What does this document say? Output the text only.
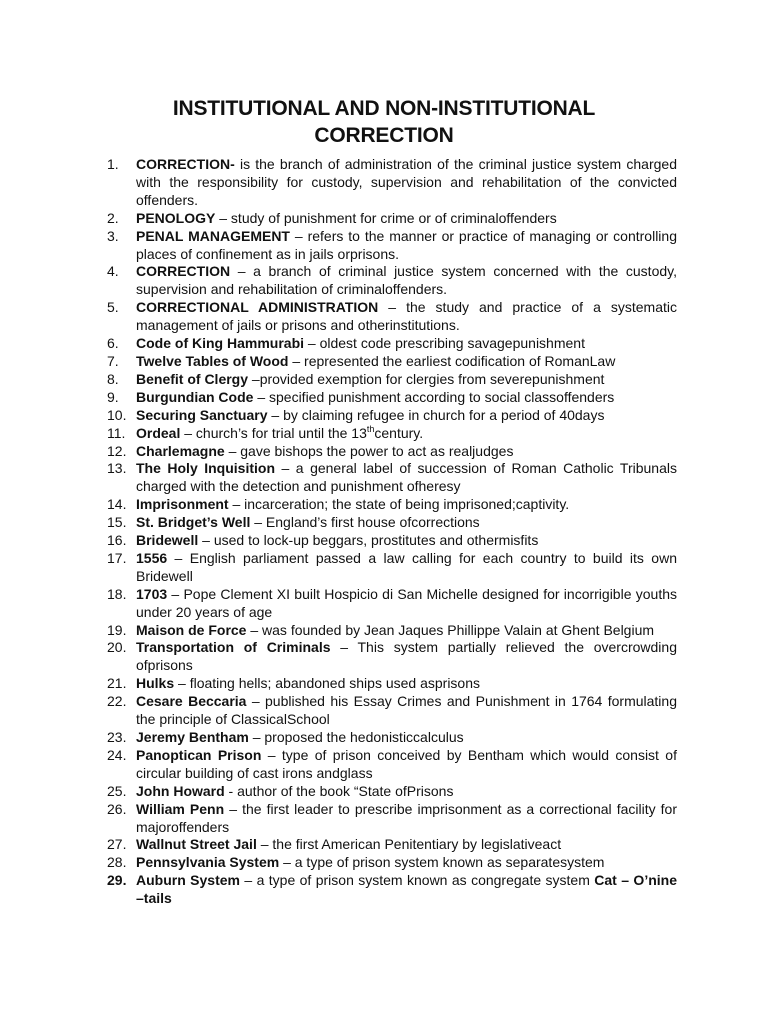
INSTITUTIONAL AND NON-INSTITUTIONAL
CORRECTION
1. CORRECTION- is the branch of administration of the criminal justice system charged with the responsibility for custody, supervision and rehabilitation of the convicted offenders.
2. PENOLOGY – study of punishment for crime or of criminaloffenders
3. PENAL MANAGEMENT – refers to the manner or practice of managing or controlling places of confinement as in jails orprisons.
4. CORRECTION – a branch of criminal justice system concerned with the custody, supervision and rehabilitation of criminaloffenders.
5. CORRECTIONAL ADMINISTRATION – the study and practice of a systematic management of jails or prisons and otherinstitutions.
6. Code of King Hammurabi – oldest code prescribing savagepunishment
7. Twelve Tables of Wood – represented the earliest codification of RomanLaw
8. Benefit of Clergy –provided exemption for clergies from severepunishment
9. Burgundian Code – specified punishment according to social classoffenders
10. Securing Sanctuary – by claiming refugee in church for a period of 40days
11. Ordeal – church’s for trial until the 13thcentury.
12. Charlemagne – gave bishops the power to act as realjudges
13. The Holy Inquisition – a general label of succession of Roman Catholic Tribunals charged with the detection and punishment ofheresy
14. Imprisonment – incarceration; the state of being imprisoned;captivity.
15. St. Bridget’s Well – England’s first house ofcorrections
16. Bridewell – used to lock-up beggars, prostitutes and othermisfits
17. 1556 – English parliament passed a law calling for each country to build its own Bridewell
18. 1703 – Pope Clement XI built Hospicio di San Michelle designed for incorrigible youths under 20 years of age
19. Maison de Force – was founded by Jean Jaques Phillippe Valain at Ghent Belgium
20. Transportation of Criminals – This system partially relieved the overcrowding ofprisons
21. Hulks – floating hells; abandoned ships used asprisons
22. Cesare Beccaria – published his Essay Crimes and Punishment in 1764 formulating the principle of ClassicalSchool
23. Jeremy Bentham – proposed the hedonisticcalculus
24. Panoptican Prison – type of prison conceived by Bentham which would consist of circular building of cast irons andglass
25. John Howard - author of the book “State ofPrisons
26. William Penn – the first leader to prescribe imprisonment as a correctional facility for majoroffenders
27. Wallnut Street Jail – the first American Penitentiary by legislativeact
28. Pennsylvania System – a type of prison system known as separatesystem
29. Auburn System – a type of prison system known as congregate system Cat – O’nine –tails
